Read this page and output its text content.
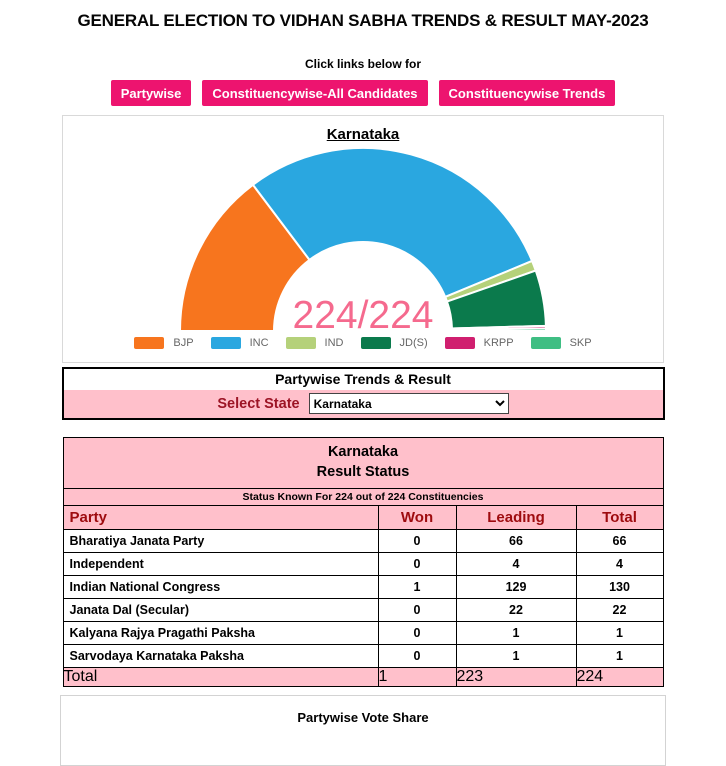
GENERAL ELECTION TO VIDHAN SABHA TRENDS & RESULT MAY-2023
Click links below for
Partywise	Constituencywise-All Candidates	Constituencywise Trends
Karnataka
224/224
BJP	INC	IND	JD(S)	KRPP	SKP
Partywise Trends & Result
Select State
Karnataka
Karnataka
Result Status			
Status Known For 224 out of 224 Constituencies			
Party	Won	Leading	Total
Bharatiya Janata Party	0	66	66
Independent	0	4	4
Indian National Congress	1	129	130
Janata Dal (Secular)	0	22	22
Kalyana Rajya Pragathi Paksha	0	1	1
Sarvodaya Karnataka Paksha	0	1	1
Total	1	223	224
Partywise Vote Share
